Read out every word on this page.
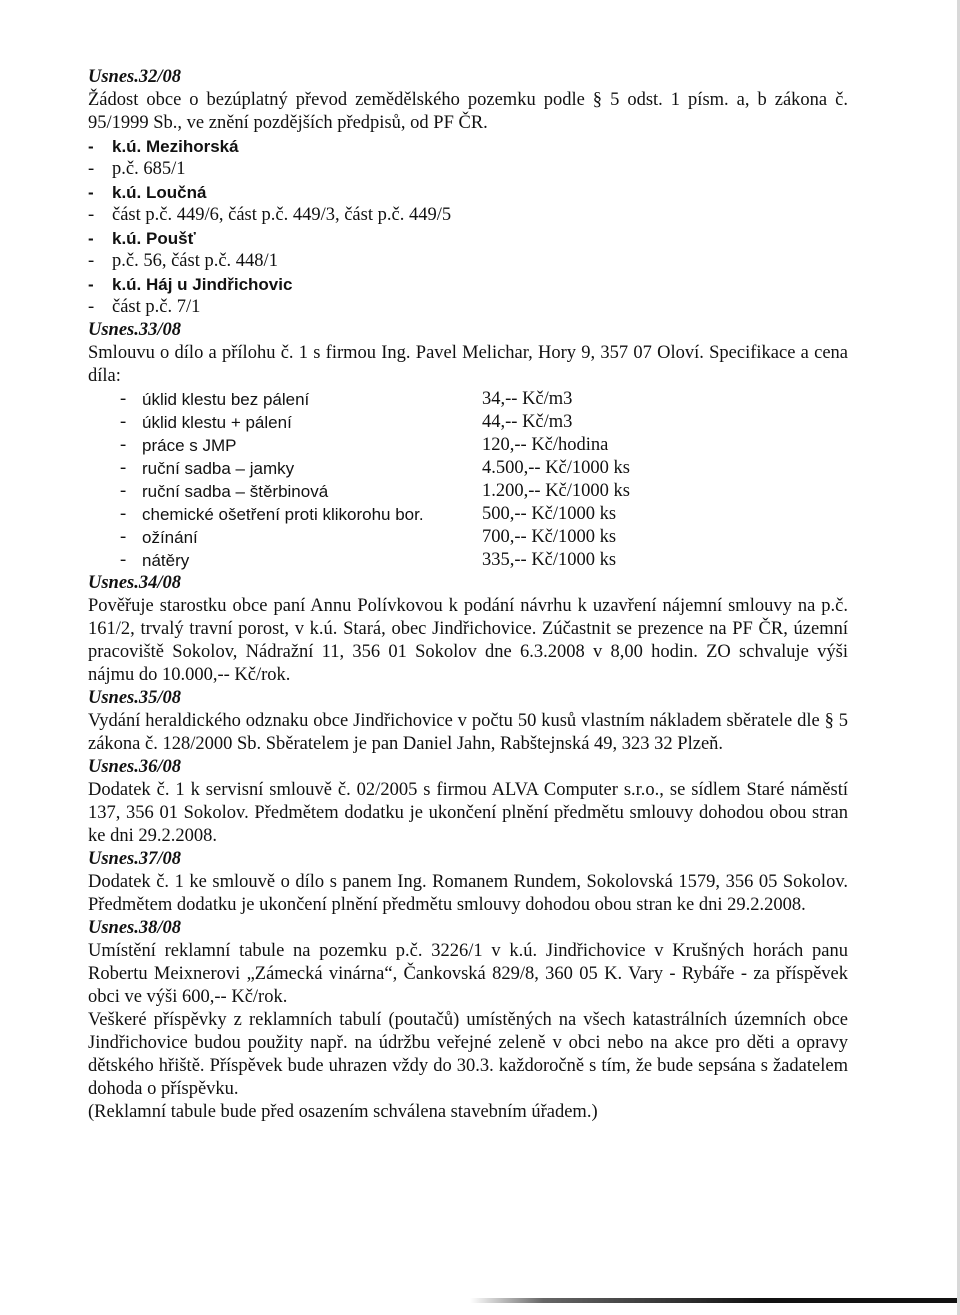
Usnes.32/08

Žádost obce o bezúplatný převod zemědělského pozemku podle § 5 odst. 1 písm. a, b zákona č. 95/1999 Sb., ve znění pozdějších předpisů, od PF ČR.

- k.ú. Mezihorská
- p.č. 685/1
- k.ú. Loučná
- část p.č. 449/6, část p.č. 449/3, část p.č. 449/5
- k.ú. Poušť
- p.č. 56, část p.č. 448/1
- k.ú. Háj u Jindřichovic
- část p.č. 7/1
Usnes.33/08

Smlouvu o dílo a přílohu č. 1 s firmou Ing. Pavel Melichar, Hory 9, 357 07 Oloví. Specifikace a cena díla:

- úklid klestu bez pálení	34,-- Kč/m3
- úklid klestu + pálení	44,-- Kč/m3
- práce s JMP	120,-- Kč/hodina
- ruční sadba – jamky	4.500,-- Kč/1000 ks
- ruční sadba – štěrbinová	1.200,-- Kč/1000 ks
- chemické ošetření proti klikorohu bor.	500,-- Kč/1000 ks
- ožínání	700,-- Kč/1000 ks
- nátěry	335,-- Kč/1000 ks
Usnes.34/08

Pověřuje starostku obce paní Annu Polívkovou k podání návrhu k uzavření nájemní smlouvy na p.č. 161/2, trvalý travní porost, v k.ú. Stará, obec Jindřichovice. Zúčastnit se prezence na PF ČR, územní pracoviště Sokolov, Nádražní 11, 356 01 Sokolov dne 6.3.2008 v 8,00 hodin. ZO schvaluje výši nájmu do 10.000,-- Kč/rok.

Usnes.35/08

Vydání heraldického odznaku obce Jindřichovice v počtu 50 kusů vlastním nákladem sběratele dle § 5 zákona č. 128/2000 Sb. Sběratelem je pan Daniel Jahn, Rabštejnská 49, 323 32 Plzeň.

Usnes.36/08

Dodatek č. 1 k servisní smlouvě č. 02/2005 s firmou ALVA Computer s.r.o., se sídlem Staré náměstí 137, 356 01 Sokolov. Předmětem dodatku je ukončení plnění předmětu smlouvy dohodou obou stran ke dni 29.2.2008.

Usnes.37/08

Dodatek č. 1 ke smlouvě o dílo s panem Ing. Romanem Rundem, Sokolovská 1579, 356 05 Sokolov. Předmětem dodatku je ukončení plnění předmětu smlouvy dohodou obou stran ke dni 29.2.2008.

Usnes.38/08

Umístění reklamní tabule na pozemku p.č. 3226/1 v k.ú. Jindřichovice v Krušných horách panu Robertu Meixnerovi „Zámecká vinárna“, Čankovská 829/8, 360 05 K. Vary - Rybáře - za příspěvek obci ve výši 600,-- Kč/rok.

Veškeré příspěvky z reklamních tabulí (poutačů) umístěných na všech katastrálních územních obce Jindřichovice budou použity např. na údržbu veřejné zeleně v obci nebo na akce pro děti a opravy dětského hřiště. Příspěvek bude uhrazen vždy do 30.3. každoročně s tím, že bude sepsána s žadatelem dohoda o příspěvku.

(Reklamní tabule bude před osazením schválena stavebním úřadem.)
